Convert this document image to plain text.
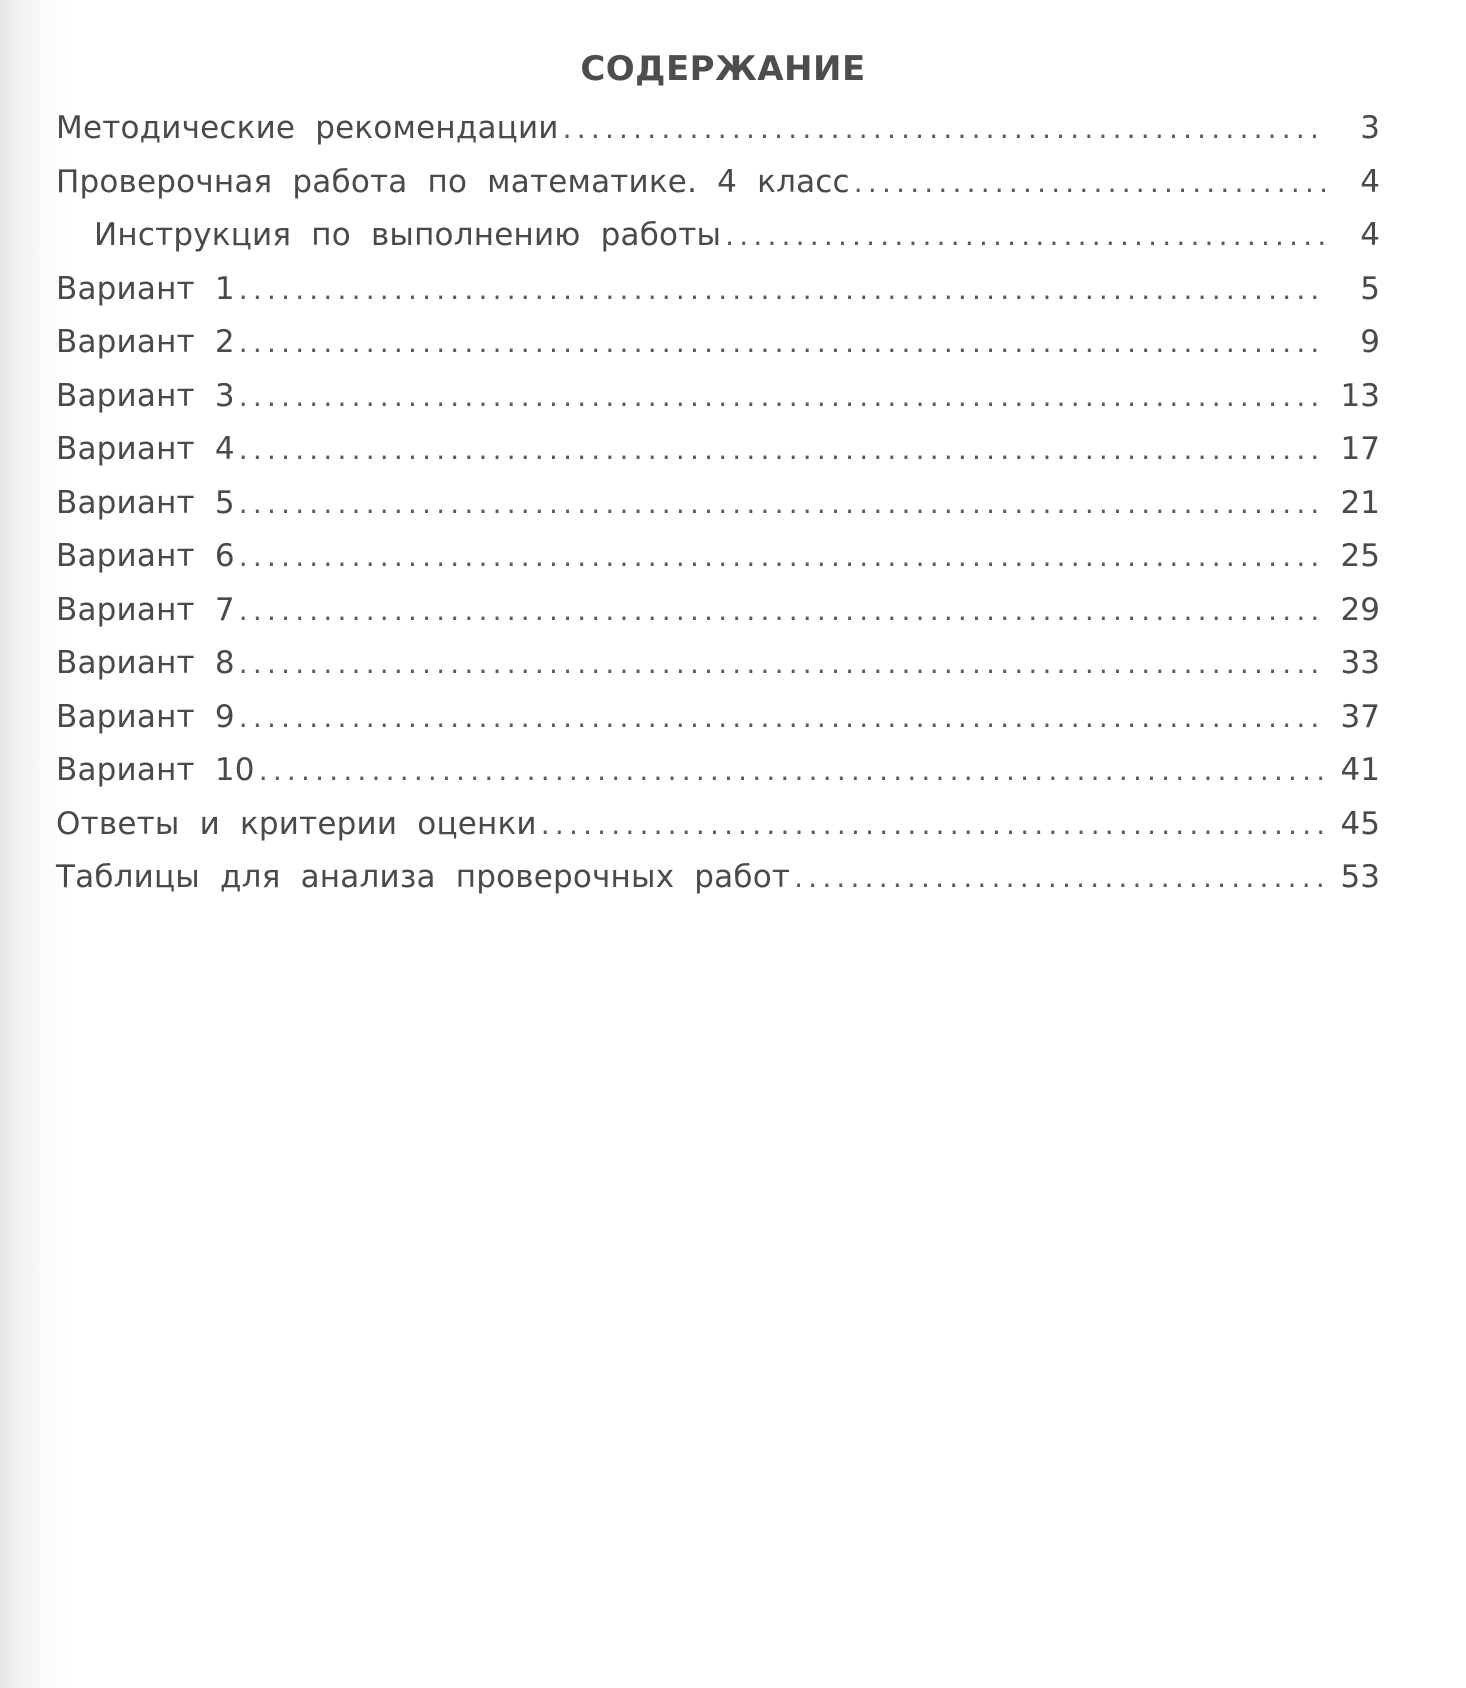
СОДЕРЖАНИЕ
Методические рекомендации .....	3
Проверочная работа по математике. 4 класс .....	4
Инструкция по выполнению работы .....	4
Вариант 1 .....	5
Вариант 2 .....	9
Вариант 3 .....	13
Вариант 4 .....	17
Вариант 5 .....	21
Вариант 6 .....	25
Вариант 7 .....	29
Вариант 8 .....	33
Вариант 9 .....	37
Вариант 10 .....	41
Ответы и критерии оценки .....	45
Таблицы для анализа проверочных работ .....	53
